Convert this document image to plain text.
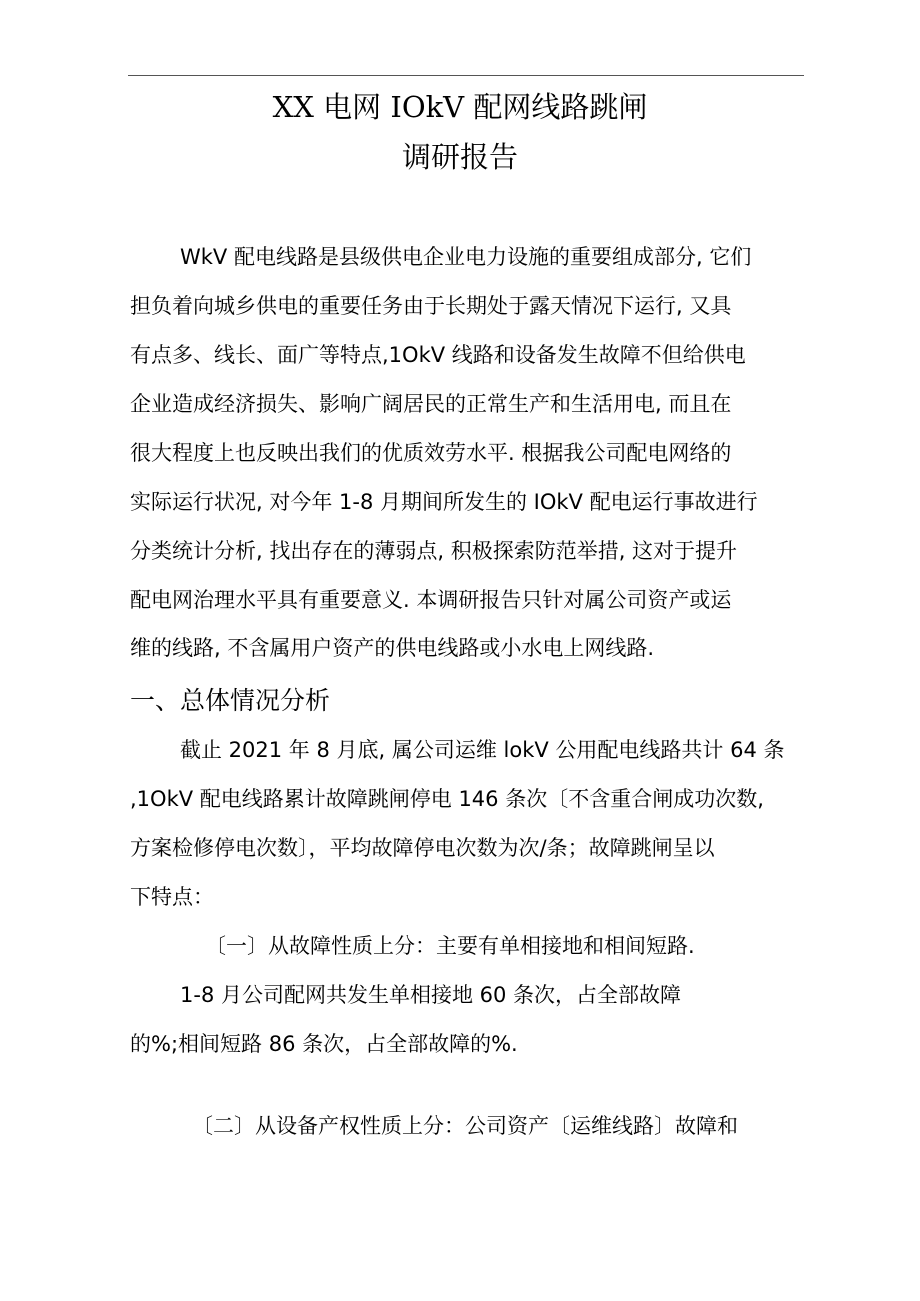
XX 电网 IOkV 配网线路跳闸
调研报告
WkV 配电线路是县级供电企业电力设施的重要组成部分, 它们
担负着向城乡供电的重要任务由于长期处于露天情况下运行, 又具
有点多、线长、面广等特点,1OkV 线路和设备发生故障不但给供电
企业造成经济损失、影响广阔居民的正常生产和生活用电, 而且在
很大程度上也反映出我们的优质效劳水平. 根据我公司配电网络的
实际运行状况, 对今年 1-8 月期间所发生的 IOkV 配电运行事故进行
分类统计分析, 找出存在的薄弱点, 积极探索防范举措, 这对于提升
配电网治理水平具有重要意义. 本调研报告只针对属公司资产或运
维的线路, 不含属用户资产的供电线路或小水电上网线路.
一、总体情况分析
截止 2021 年 8 月底, 属公司运维 lokV 公用配电线路共计 64 条
,1OkV 配电线路累计故障跳闸停电 146 条次〔不含重合闸成功次数,
方案检修停电次数〕，平均故障停电次数为次/条；故障跳闸呈以
下特点：
〔一〕从故障性质上分：主要有单相接地和相间短路.
1-8 月公司配网共发生单相接地 60 条次，占全部故障
的%;相间短路 86 条次，占全部故障的%.
〔二〕从设备产权性质上分：公司资产〔运维线路〕故障和
